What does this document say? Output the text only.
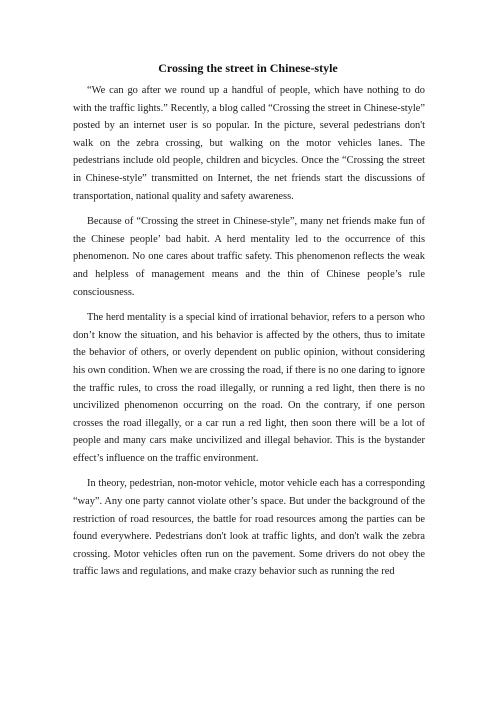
Crossing the street in Chinese-style

“We can go after we round up a handful of people, which have nothing to do with the traffic lights.” Recently, a blog called “Crossing the street in Chinese-style” posted by an internet user is so popular. In the picture, several pedestrians don't walk on the zebra crossing, but walking on the motor vehicles lanes. The pedestrians include old people, children and bicycles. Once the “Crossing the street in Chinese-style” transmitted on Internet, the net friends start the discussions of transportation, national quality and safety awareness.

Because of “Crossing the street in Chinese-style”, many net friends make fun of the Chinese people’ bad habit. A herd mentality led to the occurrence of this phenomenon. No one cares about traffic safety. This phenomenon reflects the weak and helpless of management means and the thin of Chinese people’s rule consciousness.

The herd mentality is a special kind of irrational behavior, refers to a person who don’t know the situation, and his behavior is affected by the others, thus to imitate the behavior of others, or overly dependent on public opinion, without considering his own condition. When we are crossing the road, if there is no one daring to ignore the traffic rules, to cross the road illegally, or running a red light, then there is no uncivilized phenomenon occurring on the road. On the contrary, if one person crosses the road illegally, or a car run a red light, then soon there will be a lot of people and many cars make uncivilized and illegal behavior. This is the bystander effect’s influence on the traffic environment.

In theory, pedestrian, non-motor vehicle, motor vehicle each has a corresponding “way”. Any one party cannot violate other’s space. But under the background of the restriction of road resources, the battle for road resources among the parties can be found everywhere. Pedestrians don't look at traffic lights, and don't walk the zebra crossing. Motor vehicles often run on the pavement. Some drivers do not obey the traffic laws and regulations, and make crazy behavior such as running the red
